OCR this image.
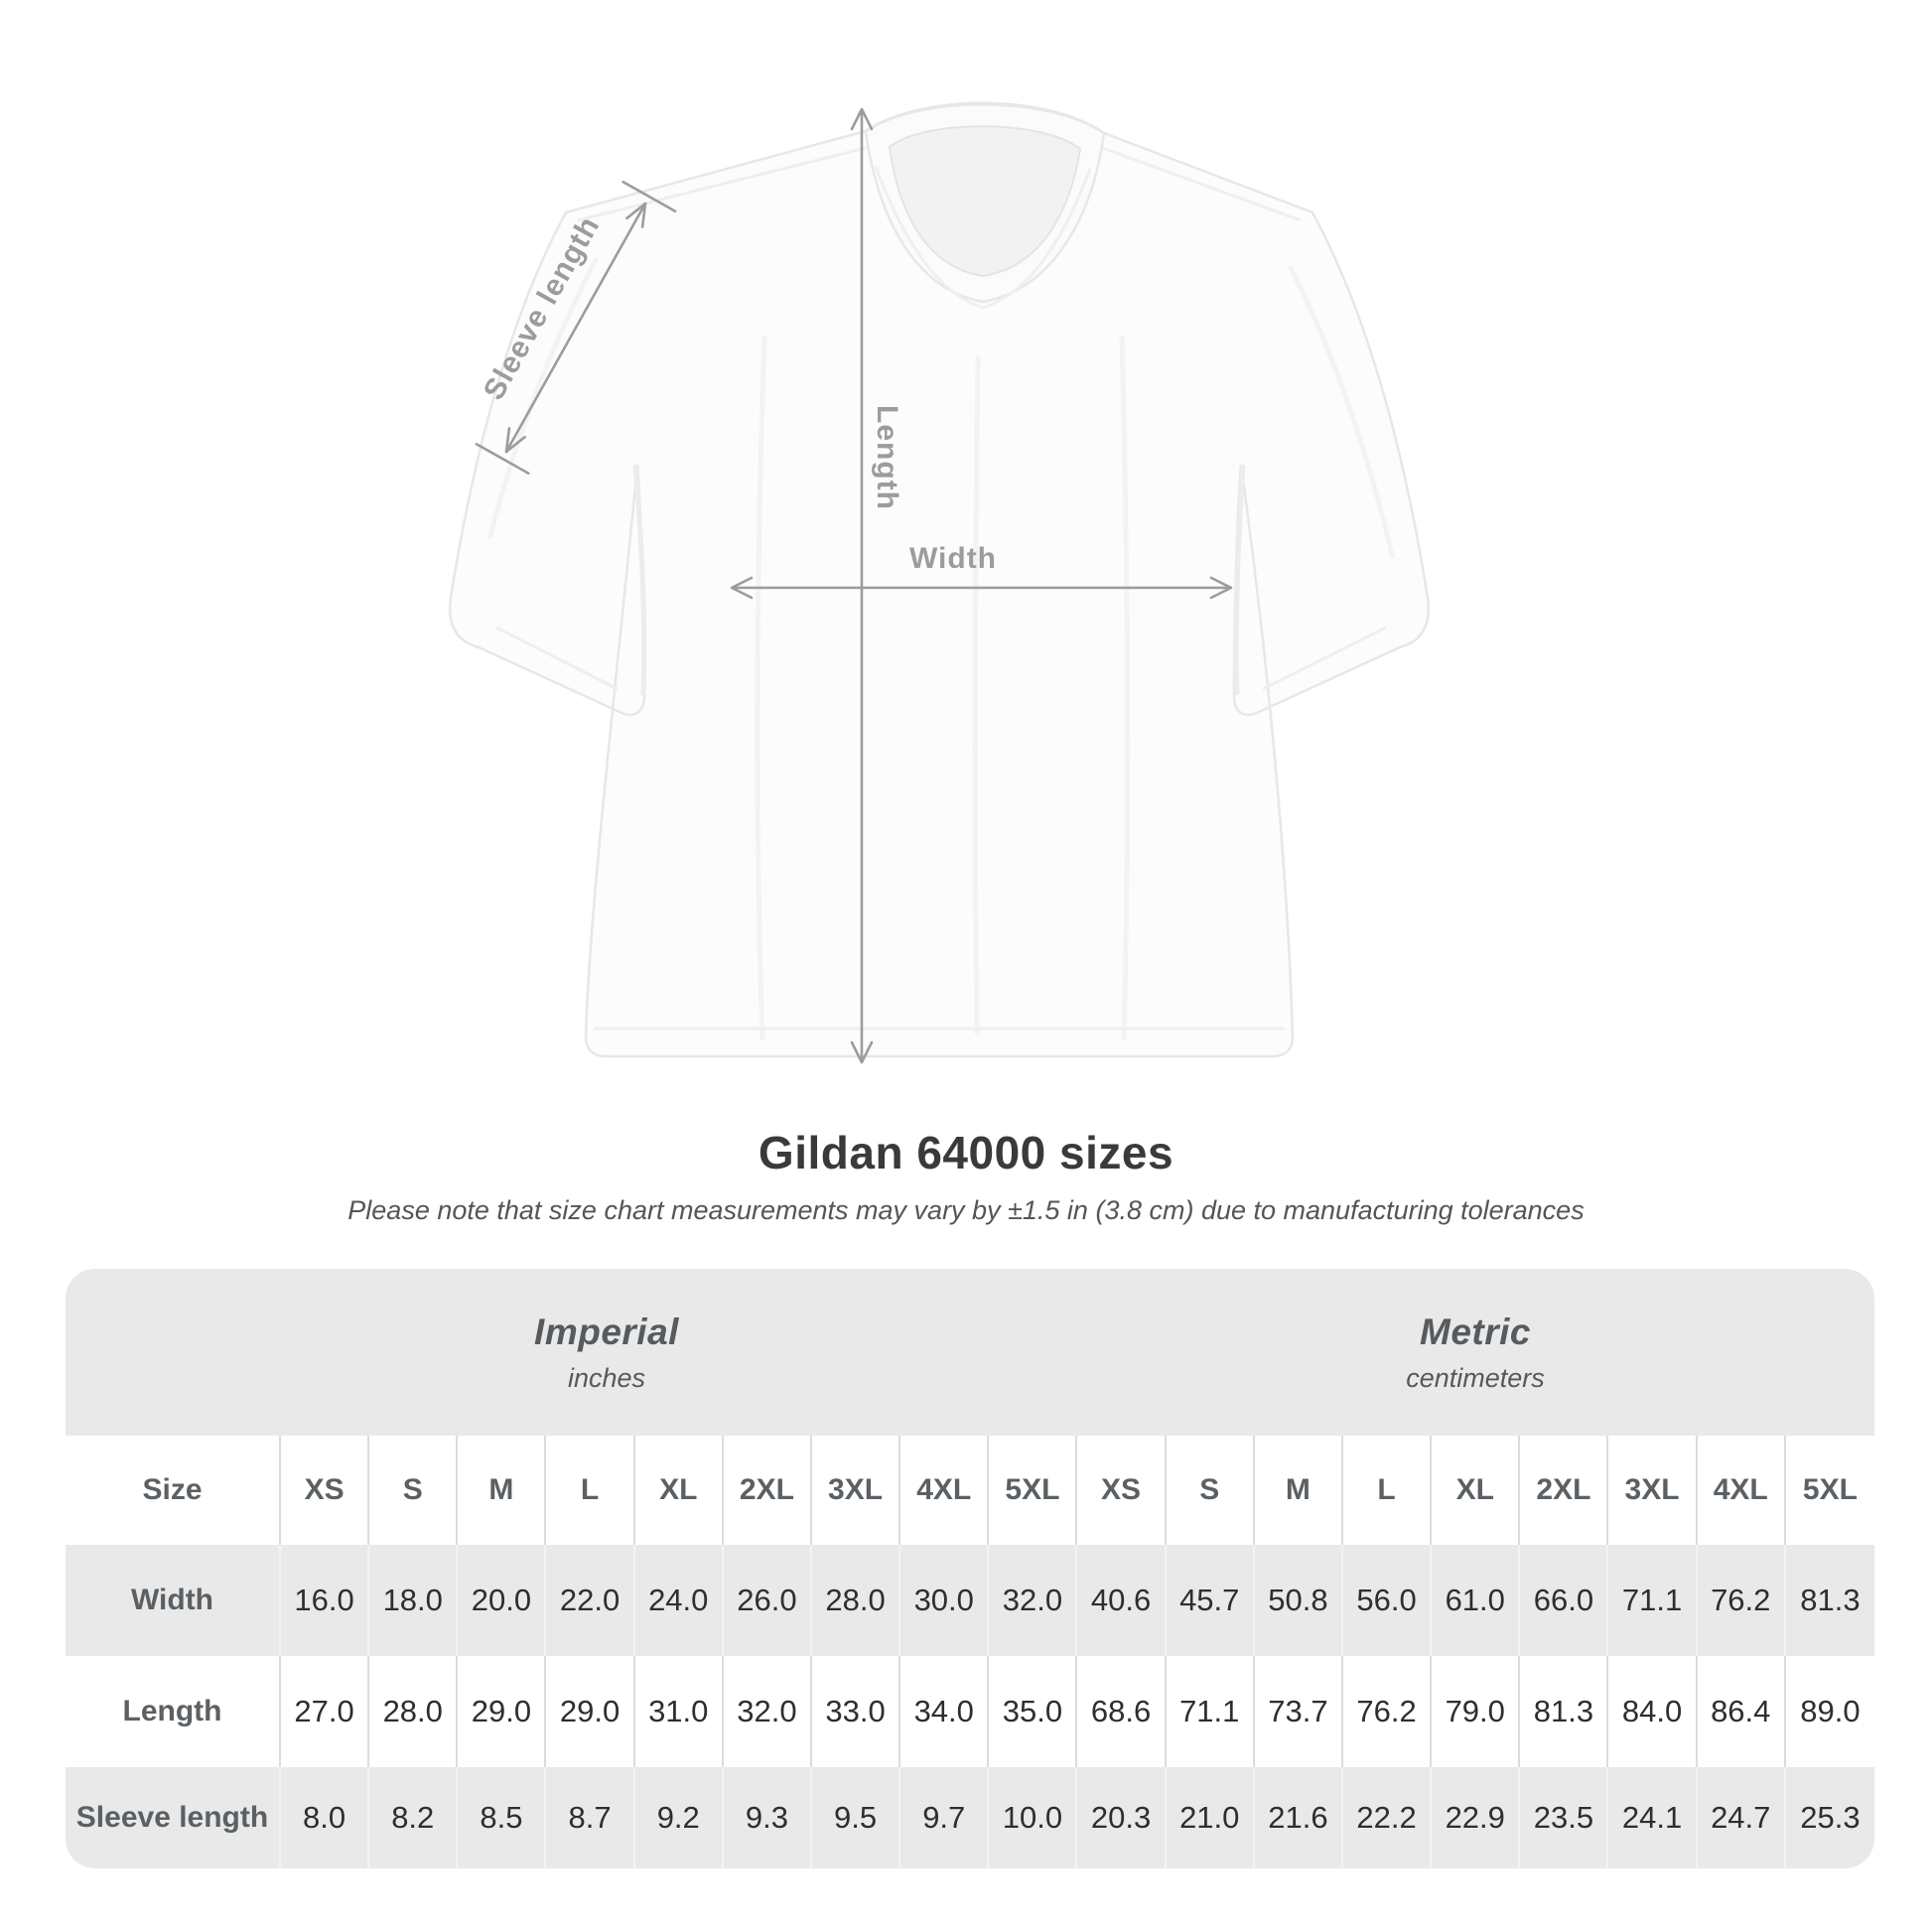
Length
Width
Sleeve length
Gildan 64000 sizes
Please note that size chart measurements may vary by ±1.5 in (3.8 cm) due to manufacturing tolerances
Imperial
inches
Metric
centimeters
Size	XS	S	M	L	XL	2XL	3XL	4XL	5XL	XS	S	M	L	XL	2XL	3XL	4XL	5XL
Width	16.0 18.0 20.0 22.0 24.0 26.0 28.0 30.0 32.0 40.6 45.7 50.8 56.0 61.0 66.0 71.1 76.2 81.3
Length	27.0 28.0 29.0 29.0 31.0 32.0 33.0 34.0 35.0 68.6 71.1 73.7 76.2 79.0 81.3 84.0 86.4 89.0
Sleeve length	8.0	8.2	8.5	8.7	9.2	9.3	9.5	9.7	10.0 20.3 21.0 21.6 22.2 22.9 23.5 24.1 24.7 25.3
